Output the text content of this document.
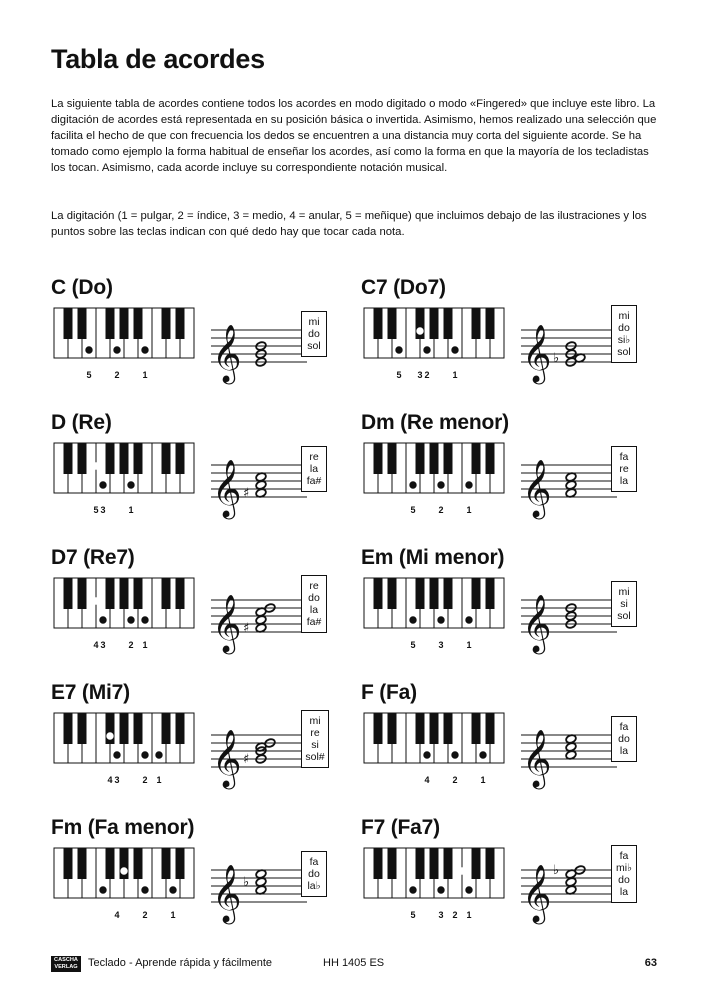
Tabla de acordes

La siguiente tabla de acordes contiene todos los acordes en modo digitado o modo «Fingered» que incluye este libro. La digitación de acordes está representada en su posición básica o invertida. Asimismo, hemos realizado una selección que facilita el hecho de que con frecuencia los dedos se encuentren a una distancia muy corta del siguiente acorde. Se ha tomado como ejemplo la forma habitual de enseñar los acordes, así como la forma en que la mayoría de los tecladistas los tocan. Asimismo, cada acorde incluye su correspondiente notación musical.

La digitación (1 = pulgar, 2 = índice, 3 = medio, 4 = anular, 5 = meñique) que incluimos debajo de las ilustraciones y los puntos sobre las teclas indican con qué dedo hay que tocar cada nota.

C (Do)
5	2	1 𝄞
mi
do
sol
C7 (Do7)
5 3 2	1 𝄞 ♭
mi
do
si♭
sol
D (Re)
5 3	1 𝄞 ♯
re
la
fa#
Dm (Re menor)
5	2	1 𝄞
fa
re
la
D7 (Re7)
4 3	2 1 𝄞 ♯
re
do
la
fa#
Em (Mi menor)
5	3	1 𝄞
mi
si
sol
E7 (Mi7)
4 3	2 1 𝄞 ♯
mi
re
si
sol#
F (Fa)
4	2	1 𝄞
fa
do
la
Fm (Fa menor)
4	2	1 𝄞 ♭
fa
do
la♭
F7 (Fa7)
5	3 2 1 𝄞 ♭
fa
mi♭
do
la
CASCHA
VERLAG Teclado - Aprende rápida y fácilmente	HH 1405 ES	63
